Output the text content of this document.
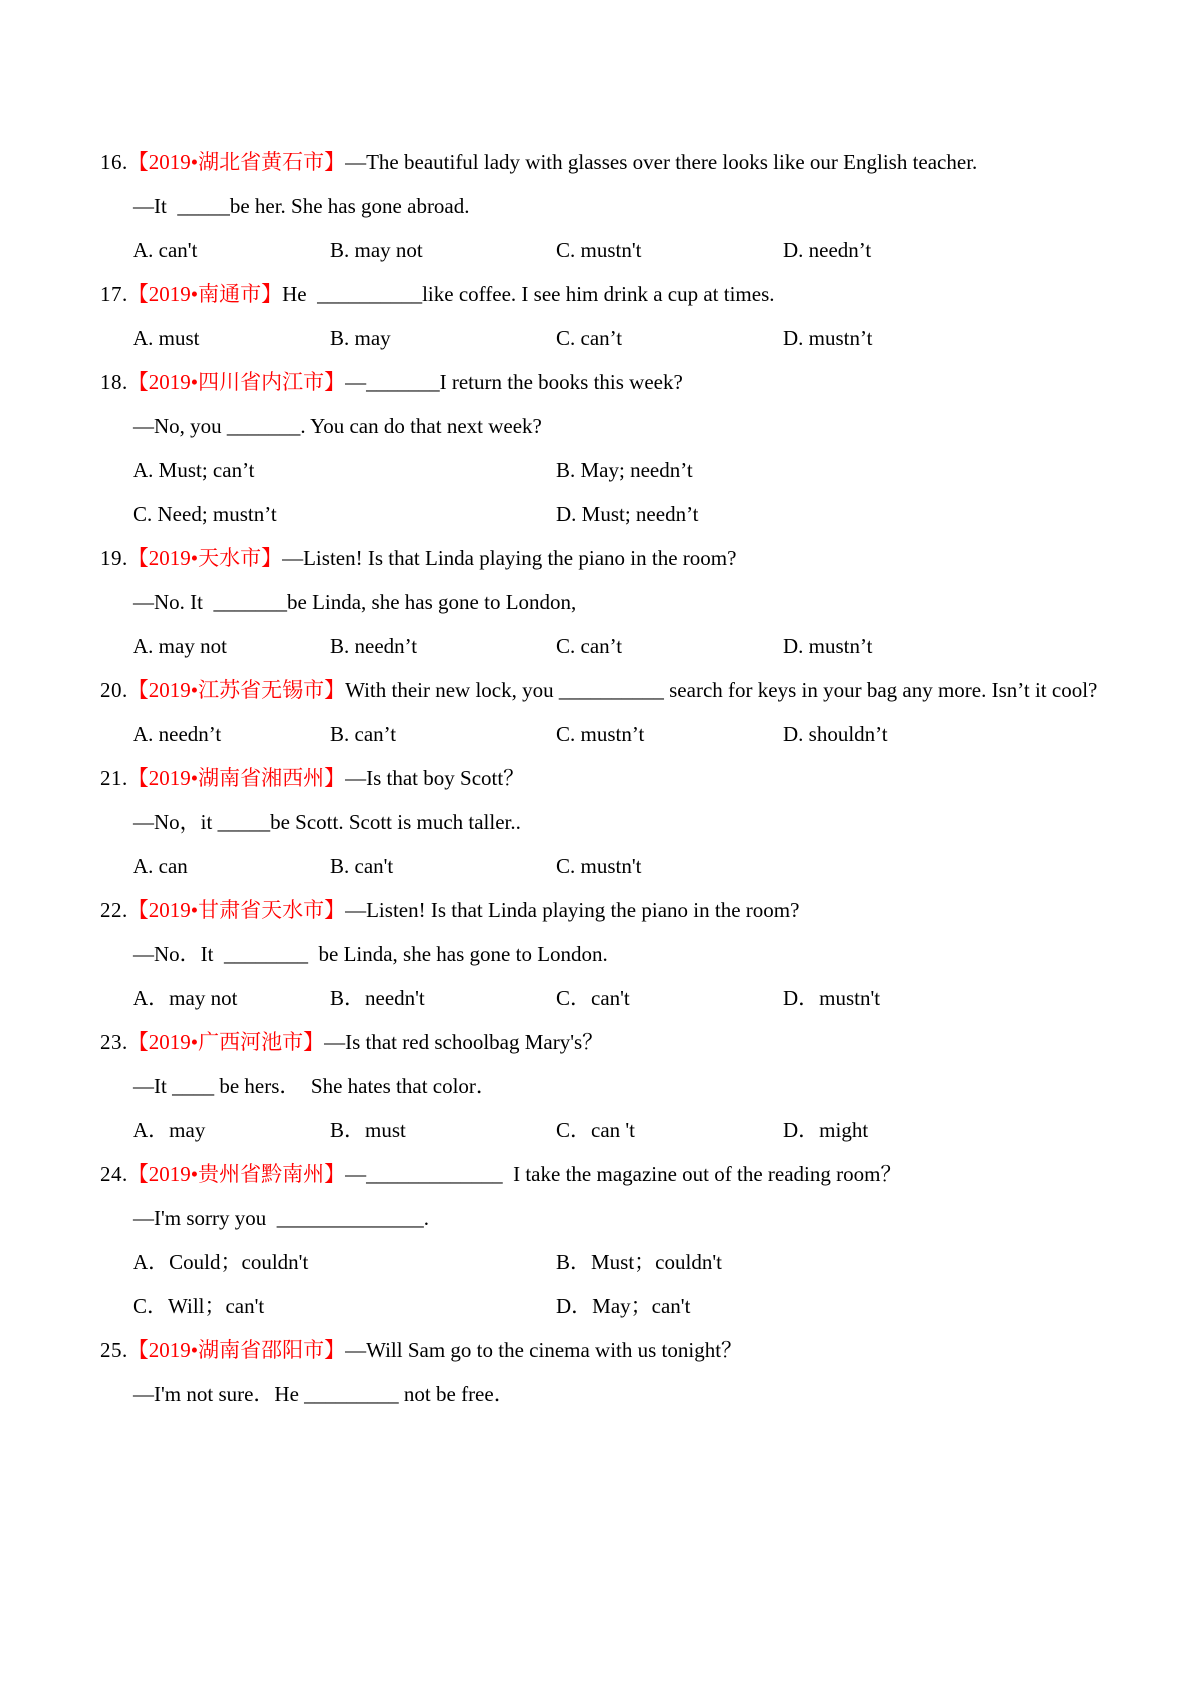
16.【2019•湖北省黄石市】—The beautiful lady with glasses over there looks like our English teacher.
—It  _____be her. She has gone abroad.
A. can't	B. may not	C. mustn't	D. needn’t
17.【2019•南通市】He  __________like coffee. I see him drink a cup at times.
A. must	B. may	C. can’t	D. mustn’t
18.【2019•四川省内江市】—_______I return the books this week?
—No, you _______. You can do that next week?
A. Must; can’t	B. May; needn’t
C. Need; mustn’t	D. Must; needn’t
19.【2019•天水市】—Listen! Is that Linda playing the piano in the room?
—No. It  _______be Linda, she has gone to London,
A. may not	B. needn’t	C. can’t	D. mustn’t
20.【2019•江苏省无锡市】With their new lock, you __________ search for keys in your bag any more. Isn’t it cool?
A. needn’t	B. can’t	C. mustn’t	D. shouldn’t
21.【2019•湖南省湘西州】—Is that boy Scott？
—No，it _____be Scott. Scott is much taller..
A. can	B. can't	C. mustn't
22.【2019•甘肃省天水市】—Listen! Is that Linda playing the piano in the room?
—No．It  ________  be Linda, she has gone to London.
A．may not	B．needn't	C．can't	D．mustn't
23.【2019•广西河池市】—Is that red schoolbag Mary's？
—It ____ be hers．  She hates that color．
A．may	B．must	C．can 't	D．might
24.【2019•贵州省黔南州】—_____________  I take the magazine out of the reading room？
—I'm sorry you  ______________.
A．Could；couldn't	B．Must；couldn't
C．Will；can't	D．May；can't
25.【2019•湖南省邵阳市】—Will Sam go to the cinema with us tonight？
—I'm not sure．He _________ not be free．
